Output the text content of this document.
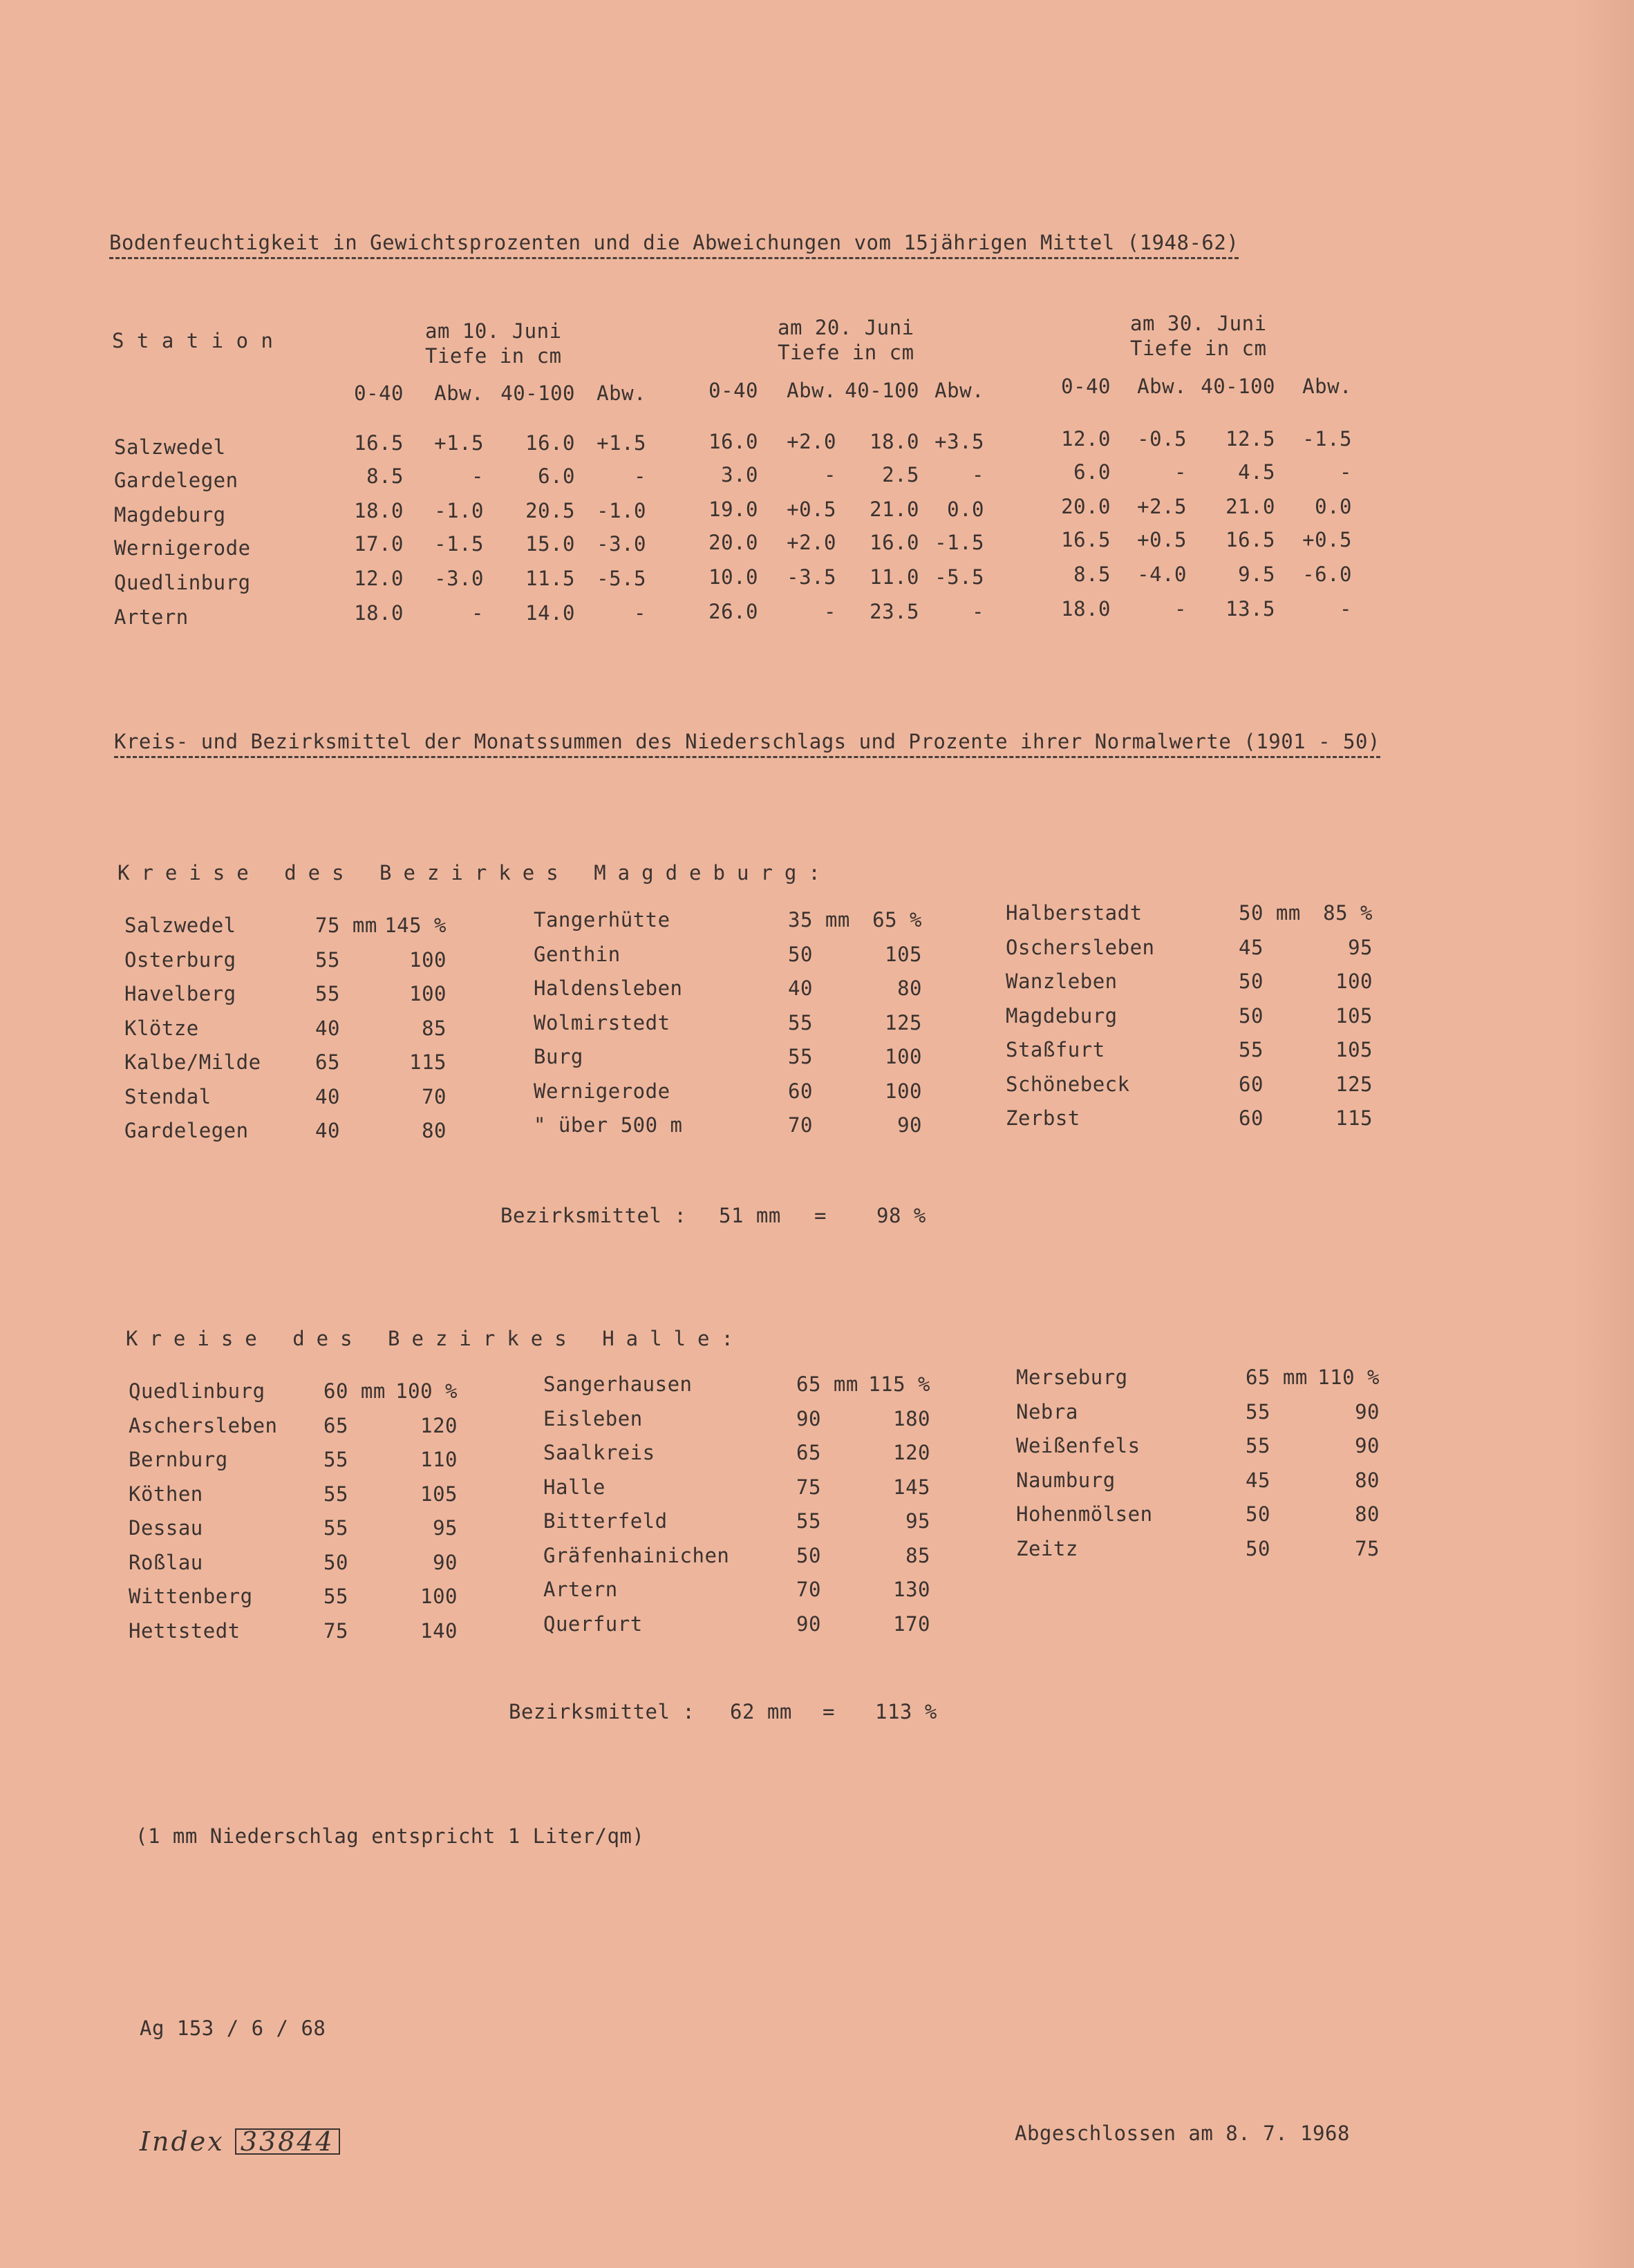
Bodenfeuchtigkeit in Gewichtsprozenten und die Abweichungen vom 15jährigen Mittel (1948-62)
S t a t i o n	am 10. Juni
Tiefe in cm
am 20. Juni
Tiefe in cm
am 30. Juni
Tiefe in cm
0-40 Abw. 40-100 Abw.	0-40 Abw. 40-100 Abw.	0-40 Abw. 40-100 Abw.
Salzwedel	16.5 +1.5 16.0 +1.5	16.0 +2.0 18.0 +3.5	12.0 -0.5 12.5 -1.5
Gardelegen	8.5	-	6.0	-	3.0	- 2.5	-	6.0	-	4.5	-
Magdeburg	18.0 -1.0 20.5 -1.0	19.0 +0.5 21.0 0.0	20.0 +2.5 21.0 0.0
Wernigerode	17.0 -1.5 15.0 -3.0	20.0 +2.0 16.0 -1.5	16.5 +0.5 16.5 +0.5
Quedlinburg	12.0 -3.0 11.5 -5.5	10.0 -3.5 11.0 -5.5	8.5 -4.0	9.5 -6.0
Artern	18.0	- 14.0	-	26.0	- 23.5	-	18.0	- 13.5	-
Kreis- und Bezirksmittel der Monatssummen des Niederschlags und Prozente ihrer Normalwerte (1901 - 50)
Kreise des Bezirkes Magdeburg:
Salzwedel	75 mm 145 %
Osterburg	55	100
Havelberg	55	100
Klötze	40	85
Kalbe/Milde	65	115
Stendal	40	70
Gardelegen	40	80
Tangerhütte	35 mm 65 %
Genthin	50	105
Haldensleben	40	80
Wolmirstedt	55	125
Burg	55	100
Wernigerode	60	100
" über 500 m	70	90
Halberstadt	50 mm 85 %
Oschersleben	45	95
Wanzleben	50	100
Magdeburg	50	105
Staßfurt	55	105
Schönebeck	60	125
Zerbst	60	115
Bezirksmittel : 51 mm = 98 %
Kreise des Bezirkes Halle:
Quedlinburg	60 mm 100 %
Aschersleben 65	120
Bernburg	55	110
Köthen	55	105
Dessau	55	95
Roßlau	50	90
Wittenberg	55	100
Hettstedt	75	140
Sangerhausen	65 mm 115 %
Eisleben	90	180
Saalkreis	65	120
Halle	75	145
Bitterfeld	55	95
Gräfenhainichen	50	85
Artern	70	130
Querfurt	90	170
Merseburg	65 mm 110 %
Nebra	55	90
Weißenfels	55	90
Naumburg	45	80
Hohenmölsen	50	80
Zeitz	50	75
Bezirksmittel : 62 mm = 113 %
(1 mm Niederschlag entspricht 1 Liter/qm)
Ag 153 / 6 / 68
Index 33844	Abgeschlossen am 8. 7. 1968
